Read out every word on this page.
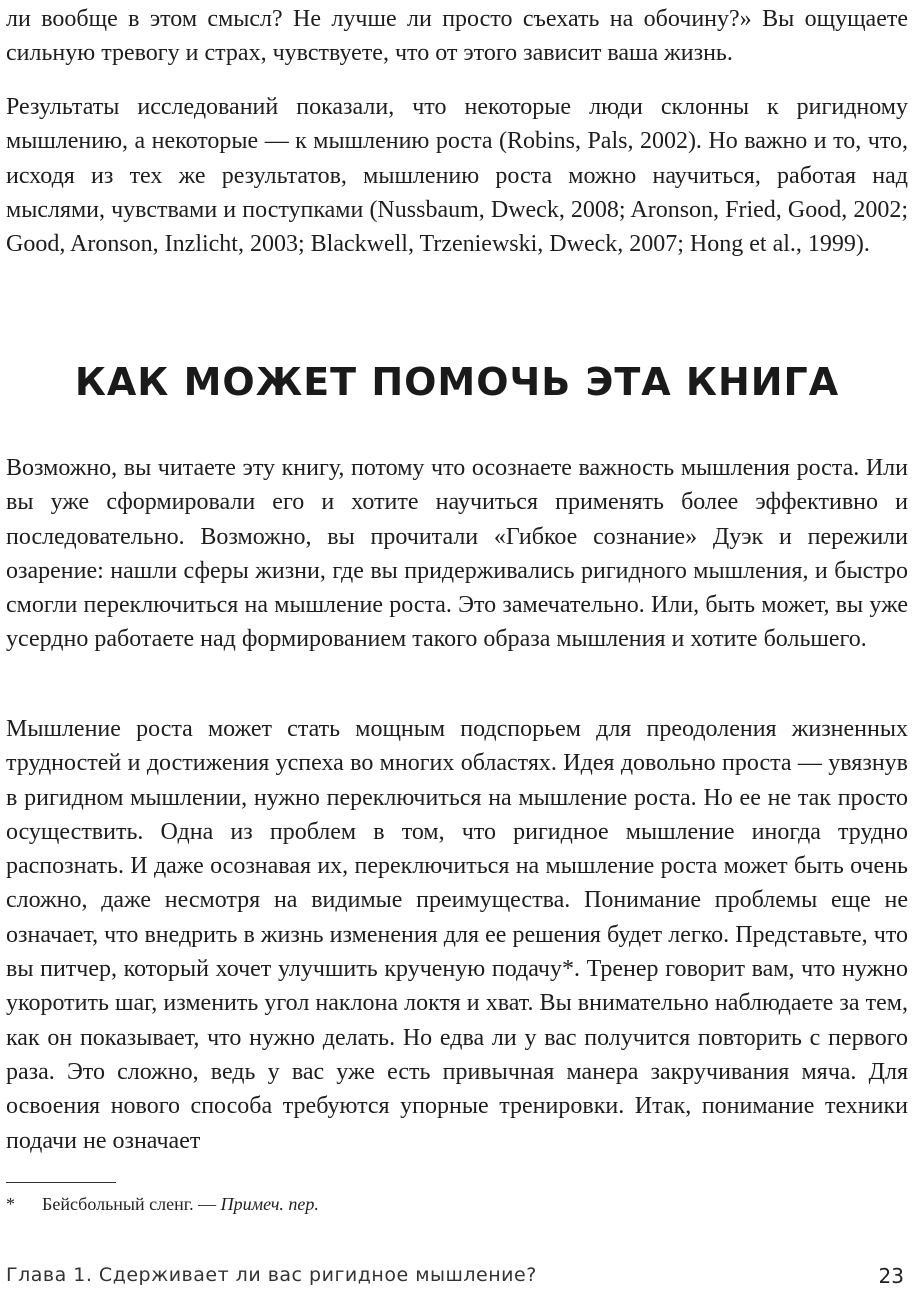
ли вообще в этом смысл? Не лучше ли просто съехать на обочину?» Вы ощущаете сильную тревогу и страх, чувствуете, что от этого зависит ваша жизнь.

Результаты исследований показали, что некоторые люди склонны к ригидному мышлению, а некоторые — к мышлению роста (Robins, Pals, 2002). Но важно и то, что, исходя из тех же результатов, мышлению роста можно научиться, работая над мыслями, чувствами и поступками (Nussbaum, Dweck, 2008; Aronson, Fried, Good, 2002; Good, Aronson, Inzlicht, 2003; Blackwell, Trzeniewski, Dweck, 2007; Hong et al., 1999).

КАК МОЖЕТ ПОМОЧЬ ЭТА КНИГА

Возможно, вы читаете эту книгу, потому что осознаете важность мышления роста. Или вы уже сформировали его и хотите научиться применять более эффективно и последовательно. Возможно, вы прочитали «Гибкое сознание» Дуэк и пережили озарение: нашли сферы жизни, где вы придерживались ригидного мышления, и быстро смогли переключиться на мышление роста. Это замечательно. Или, быть может, вы уже усердно работаете над формированием такого образа мышления и хотите большего.

Мышление роста может стать мощным подспорьем для преодоления жизненных трудностей и достижения успеха во многих областях. Идея довольно проста — увязнув в ригидном мышлении, нужно переключиться на мышление роста. Но ее не так просто осуществить. Одна из проблем в том, что ригидное мышление иногда трудно распознать. И даже осознавая их, переключиться на мышление роста может быть очень сложно, даже несмотря на видимые преимущества. Понимание проблемы еще не означает, что внедрить в жизнь изменения для ее решения будет легко. Представьте, что вы питчер, который хочет улучшить крученую подачу*. Тренер говорит вам, что нужно укоротить шаг, изменить угол наклона локтя и хват. Вы внимательно наблюдаете за тем, как он показывает, что нужно делать. Но едва ли у вас получится повторить с первого раза. Это сложно, ведь у вас уже есть привычная манера закручивания мяча. Для освоения нового способа требуются упорные тренировки. Итак, понимание техники подачи не означает

* Бейсбольный сленг. — Примеч. пер.

Глава 1. Сдерживает ли вас ригидное мышление?	23
